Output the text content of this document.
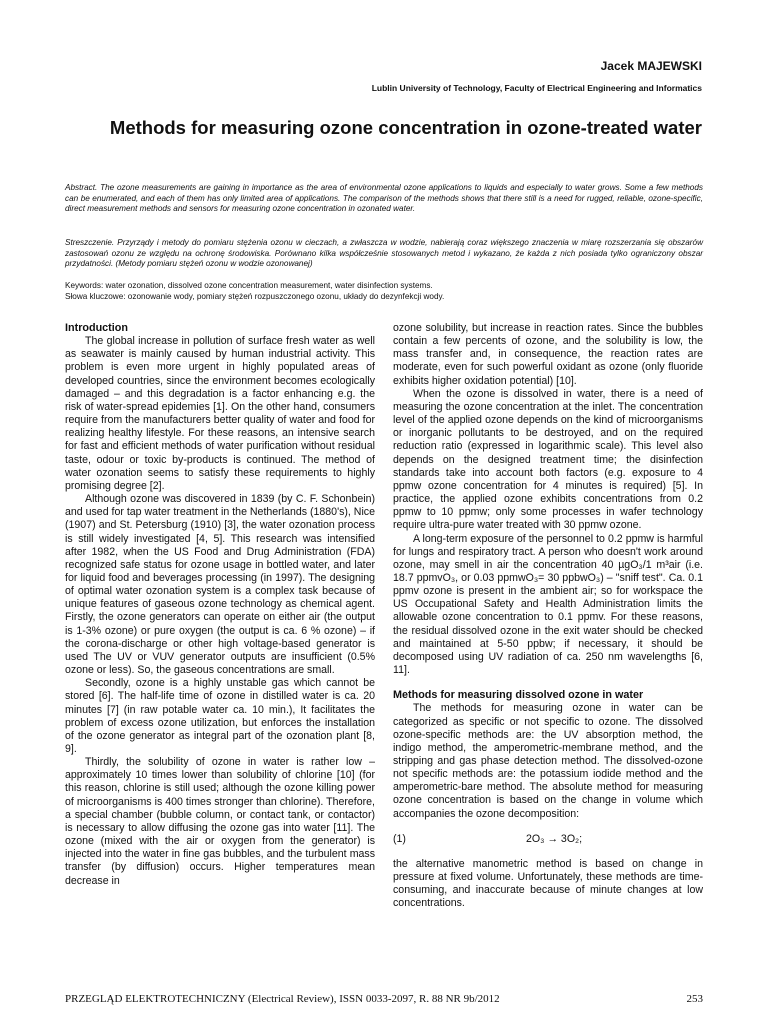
Jacek MAJEWSKI
Lublin University of Technology, Faculty of Electrical Engineering and Informatics
Methods for measuring ozone concentration in ozone-treated water
Abstract. The ozone measurements are gaining in importance as the area of environmental ozone applications to liquids and especially to water grows. Some a few methods can be enumerated, and each of them has only limited area of applications. The comparison of the methods shows that there still is a need for rugged, reliable, ozone-specific, direct measurement methods and sensors for measuring ozone concentration in ozonated water.
Streszczenie. Przyrządy i metody do pomiaru stężenia ozonu w cieczach, a zwłaszcza w wodzie, nabierają coraz większego znaczenia w miarę rozszerzania się obszarów zastosowań ozonu ze względu na ochronę środowiska. Porównano kilka współcześnie stosowanych metod i wykazano, że każda z nich posiada tylko ograniczony obszar przydatności. (Metody pomiaru stężeń ozonu w wodzie ozonowanej)
Keywords: water ozonation, dissolved ozone concentration measurement, water disinfection systems.
Słowa kluczowe: ozonowanie wody, pomiary stężeń rozpuszczonego ozonu, układy do dezynfekcji wody.
Introduction

The global increase in pollution of surface fresh water as well as seawater is mainly caused by human industrial activity. This problem is even more urgent in highly populated areas of developed countries, since the environment becomes ecologically damaged – and this degradation is a factor enhancing e.g. the risk of water-spread epidemies [1]. On the other hand, consumers require from the manufacturers better quality of water and food for realizing healthy lifestyle. For these reasons, an intensive search for fast and efficient methods of water purification without residual taste, odour or toxic by-products is continued. The method of water ozonation seems to satisfy these requirements to highly promising degree [2].

Although ozone was discovered in 1839 (by C. F. Schonbein) and used for tap water treatment in the Netherlands (1880's), Nice (1907) and St. Petersburg (1910) [3], the water ozonation process is still widely investigated [4, 5]. This research was intensified after 1982, when the US Food and Drug Administration (FDA) recognized safe status for ozone usage in bottled water, and later for liquid food and beverages processing (in 1997). The designing of optimal water ozonation system is a complex task because of unique features of gaseous ozone technology as chemical agent. Firstly, the ozone generators can operate on either air (the output is 1-3% ozone) or pure oxygen (the output is ca. 6 % ozone) – if the corona-discharge or other high voltage-based generator is used The UV or VUV generator outputs are insufficient (0.5% ozone or less). So, the gaseous concentrations are small.

Secondly, ozone is a highly unstable gas which cannot be stored [6]. The half-life time of ozone in distilled water is ca. 20 minutes [7] (in raw potable water ca. 10 min.), It facilitates the problem of excess ozone utilization, but enforces the installation of the ozone generator as integral part of the ozonation plant [8, 9].

Thirdly, the solubility of ozone in water is rather low – approximately 10 times lower than solubility of chlorine [10] (for this reason, chlorine is still used; although the ozone killing power of microorganisms is 400 times stronger than chlorine). Therefore, a special chamber (bubble column, or contact tank, or contactor) is necessary to allow diffusing the ozone gas into water [11]. The ozone (mixed with the air or oxygen from the generator) is injected into the water in fine gas bubbles, and the turbulent mass transfer (by diffusion) occurs. Higher temperatures mean decrease in

ozone solubility, but increase in reaction rates. Since the bubbles contain a few percents of ozone, and the solubility is low, the mass transfer and, in consequence, the reaction rates are moderate, even for such powerful oxidant as ozone (only fluoride exhibits higher oxidation potential) [10].

When the ozone is dissolved in water, there is a need of measuring the ozone concentration at the inlet. The concentration level of the applied ozone depends on the kind of microorganisms or inorganic pollutants to be destroyed, and on the required reduction ratio (expressed in logarithmic scale). This level also depends on the designed treatment time; the disinfection standards take into account both factors (e.g. exposure to 4 ppmw ozone concentration for 4 minutes is required) [5]. In practice, the applied ozone exhibits concentrations from 0.2 ppmw to 10 ppmw; only some processes in wafer technology require ultra-pure water treated with 30 ppmw ozone.

A long-term exposure of the personnel to 0.2 ppmw is harmful for lungs and respiratory tract. A person who doesn't work around ozone, may smell in air the concentration 40 µgO₃/1 m³air (i.e. 18.7 ppmvO₃, or 0.03 ppmwO₃= 30 ppbwO₃) – "sniff test". Ca. 0.1 ppmv ozone is present in the ambient air; so for workspace the US Occupational Safety and Health Administration limits the allowable ozone concentration to 0.1 ppmv. For these reasons, the residual dissolved ozone in the exit water should be checked and maintained at 5-50 ppbw; if necessary, it should be decomposed using UV radiation of ca. 250 nm wavelengths [6, 11].

Methods for measuring dissolved ozone in water

The methods for measuring ozone in water can be categorized as specific or not specific to ozone. The dissolved ozone-specific methods are: the UV absorption method, the indigo method, the amperometric-membrane method, and the stripping and gas phase detection method. The dissolved-ozone not specific methods are: the potassium iodide method and the amperometric-bare method. The absolute method for measuring ozone concentration is based on the change in volume which accompanies the ozone decomposition:

(1)	2O₃ → 3O₂;

the alternative manometric method is based on change in pressure at fixed volume. Unfortunately, these methods are time-consuming, and inaccurate because of minute changes at low concentrations.

PRZEGLĄD ELEKTROTECHNICZNY (Electrical Review), ISSN 0033-2097, R. 88 NR 9b/2012	253
